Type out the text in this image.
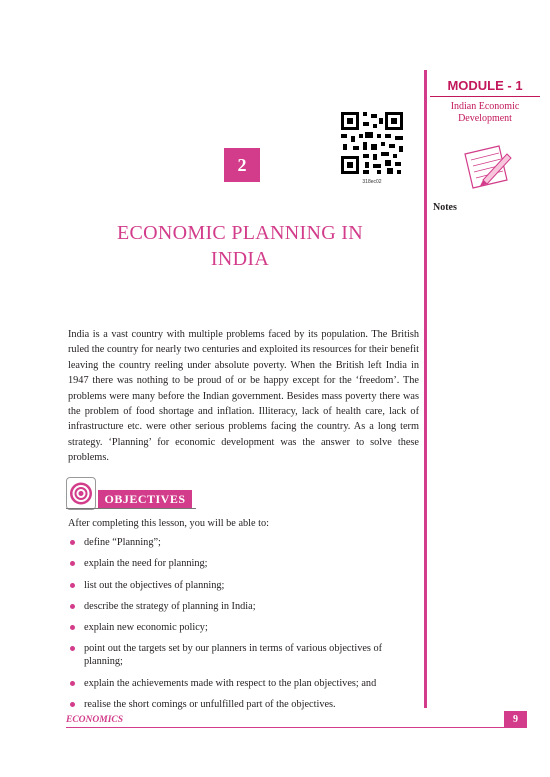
MODULE - 1
Indian Economic
Development
Notes
318ec02
2
ECONOMIC PLANNING IN
INDIA

India is a vast country with multiple problems faced by its population. The British ruled the country for nearly two centuries and exploited its resources for their benefit leaving the country reeling under absolute poverty. When the British left India in 1947 there was nothing to be proud of or be happy except for the ‘freedom’. The problems were many before the Indian government. Besides mass poverty there was the problem of food shortage and inflation. Illiteracy, lack of health care, lack of infrastructure etc. were other serious problems facing the country. As a long term strategy. ‘Planning’ for economic development was the answer to solve these problems.

OBJECTIVES
After completing this lesson, you will be able to:
define “Planning”;
explain the need for planning;
list out the objectives of planning;
describe the strategy of planning in India;
explain new economic policy;
point out the targets set by our planners in terms of various objectives of planning;
explain the achievements made with respect to the plan objectives; and
realise the short comings or unfulfilled part of the objectives.
ECONOMICS	9
